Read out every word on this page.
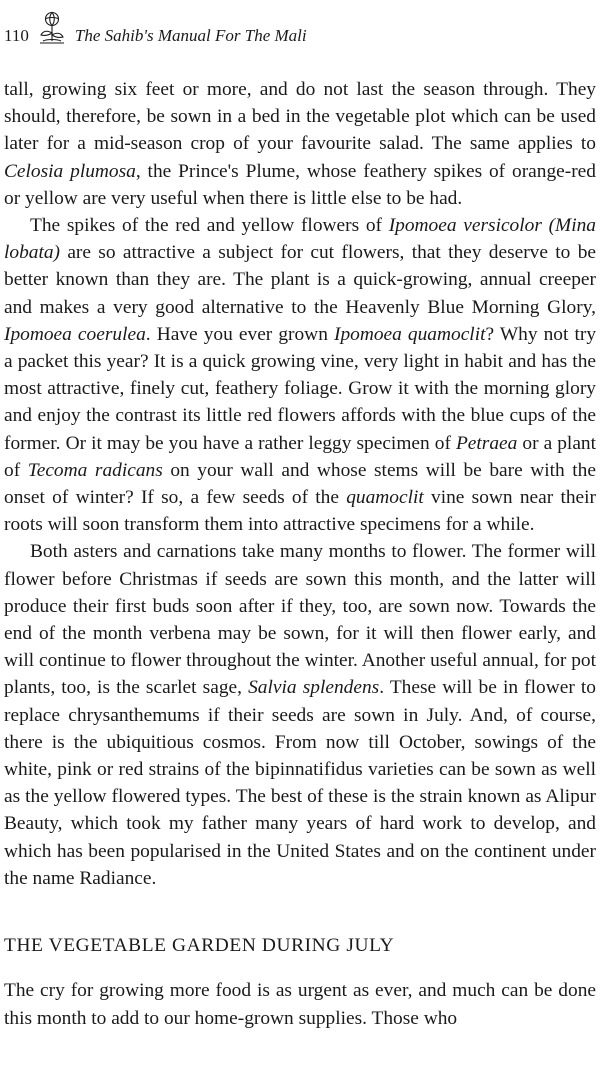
110	The Sahib's Manual For The Mali

tall, growing six feet or more, and do not last the season through. They should, therefore, be sown in a bed in the vegetable plot which can be used later for a mid-season crop of your favourite salad. The same applies to Celosia plumosa, the Prince's Plume, whose feathery spikes of orange-red or yellow are very useful when there is little else to be had.

The spikes of the red and yellow flowers of Ipomoea versicolor (Mina lobata) are so attractive a subject for cut flowers, that they deserve to be better known than they are. The plant is a quick-growing, annual creeper and makes a very good alternative to the Heavenly Blue Morning Glory, Ipomoea coerulea. Have you ever grown Ipomoea quamoclit? Why not try a packet this year? It is a quick growing vine, very light in habit and has the most attractive, finely cut, feathery foliage. Grow it with the morning glory and enjoy the contrast its little red flowers affords with the blue cups of the former. Or it may be you have a rather leggy specimen of Petraea or a plant of Tecoma radicans on your wall and whose stems will be bare with the onset of winter? If so, a few seeds of the quamoclit vine sown near their roots will soon transform them into attractive specimens for a while.

Both asters and carnations take many months to flower. The former will flower before Christmas if seeds are sown this month, and the latter will produce their first buds soon after if they, too, are sown now. Towards the end of the month verbena may be sown, for it will then flower early, and will continue to flower throughout the winter. Another useful annual, for pot plants, too, is the scarlet sage, Salvia splendens. These will be in flower to replace chrysanthemums if their seeds are sown in July. And, of course, there is the ubiquitious cosmos. From now till October, sowings of the white, pink or red strains of the bipinnatifidus varieties can be sown as well as the yellow flowered types. The best of these is the strain known as Alipur Beauty, which took my father many years of hard work to develop, and which has been popularised in the United States and on the continent under the name Radiance.

THE VEGETABLE GARDEN DURING JULY

The cry for growing more food is as urgent as ever, and much can be done this month to add to our home-grown supplies. Those who
